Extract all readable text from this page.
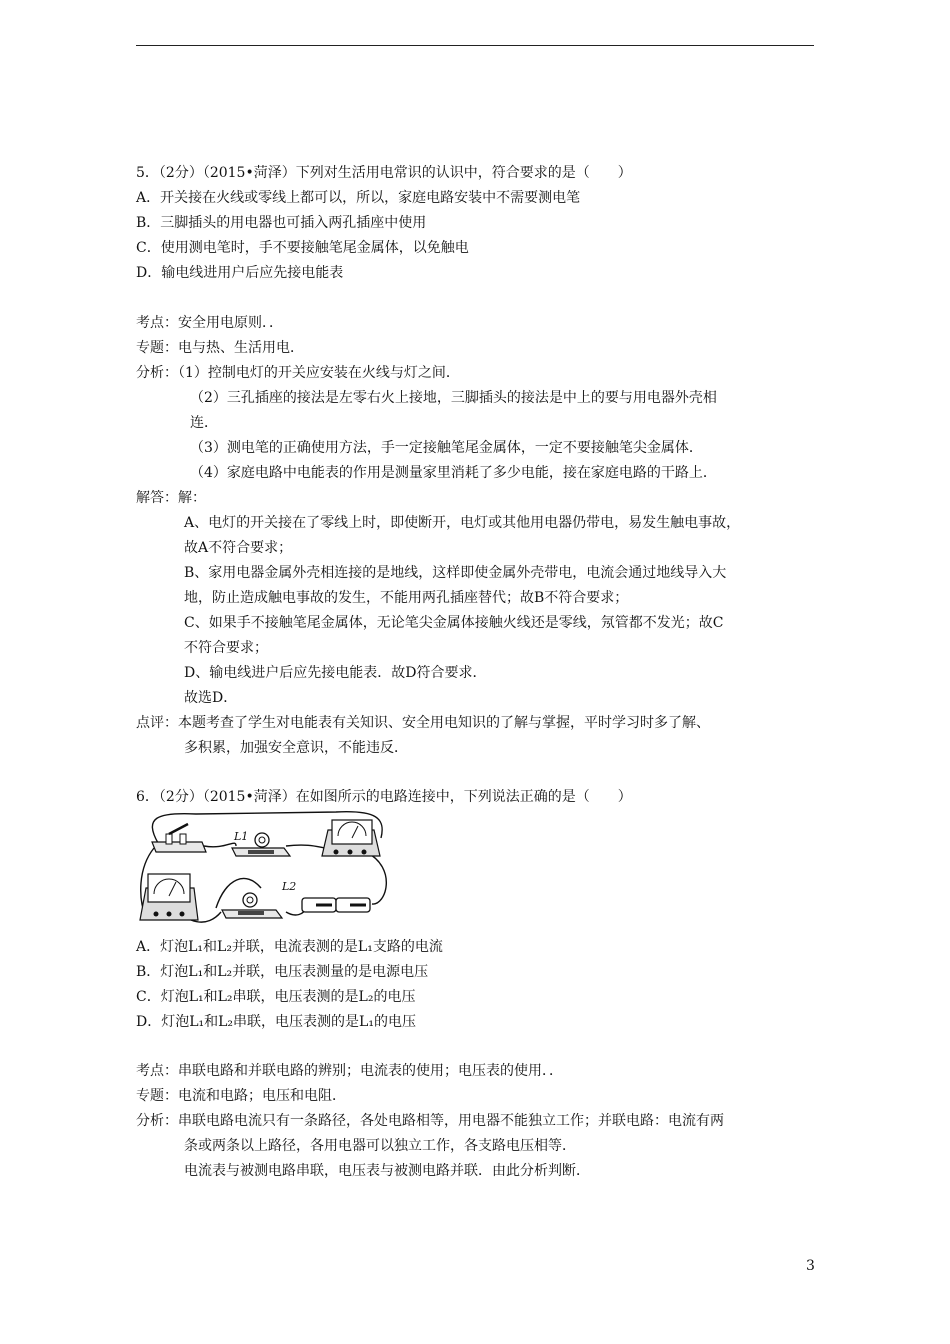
5．（2分）（2015•菏泽）下列对生活用电常识的认识中，符合要求的是（　　）
A．开关接在火线或零线上都可以，所以，家庭电路安装中不需要测电笔
B．三脚插头的用电器也可插入两孔插座中使用
C．使用测电笔时，手不要接触笔尾金属体，以免触电
D．输电线进用户后应先接电能表
考点：安全用电原则．．
专题：电与热、生活用电．
分析：（1）控制电灯的开关应安装在火线与灯之间．
（2）三孔插座的接法是左零右火上接地，三脚插头的接法是中上的要与用电器外壳相
连．
（3）测电笔的正确使用方法，手一定接触笔尾金属体，一定不要接触笔尖金属体．
（4）家庭电路中电能表的作用是测量家里消耗了多少电能，接在家庭电路的干路上．
解答：解：
A、电灯的开关接在了零线上时，即使断开，电灯或其他用电器仍带电，易发生触电事故，
故A不符合要求；
B、家用电器金属外壳相连接的是地线，这样即使金属外壳带电，电流会通过地线导入大
地，防止造成触电事故的发生，不能用两孔插座替代；故B不符合要求；
C、如果手不接触笔尾金属体，无论笔尖金属体接触火线还是零线，氖管都不发光；故C
不符合要求；
D、输电线进户后应先接电能表．故D符合要求．
故选D．
点评：本题考查了学生对电能表有关知识、安全用电知识的了解与掌握，平时学习时多了解、
多积累，加强安全意识，不能违反．
6．（2分）（2015•菏泽）在如图所示的电路连接中，下列说法正确的是（　　）
L1
L2
A．灯泡L₁和L₂并联，电流表测的是L₁支路的电流
B．灯泡L₁和L₂并联，电压表测量的是电源电压
C．灯泡L₁和L₂串联，电压表测的是L₂的电压
D．灯泡L₁和L₂串联，电压表测的是L₁的电压
考点：串联电路和并联电路的辨别；电流表的使用；电压表的使用．．
专题：电流和电路；电压和电阻．
分析：串联电路电流只有一条路径，各处电路相等，用电器不能独立工作；并联电路：电流有两
条或两条以上路径，各用电器可以独立工作，各支路电压相等．
电流表与被测电路串联，电压表与被测电路并联．由此分析判断．
3
